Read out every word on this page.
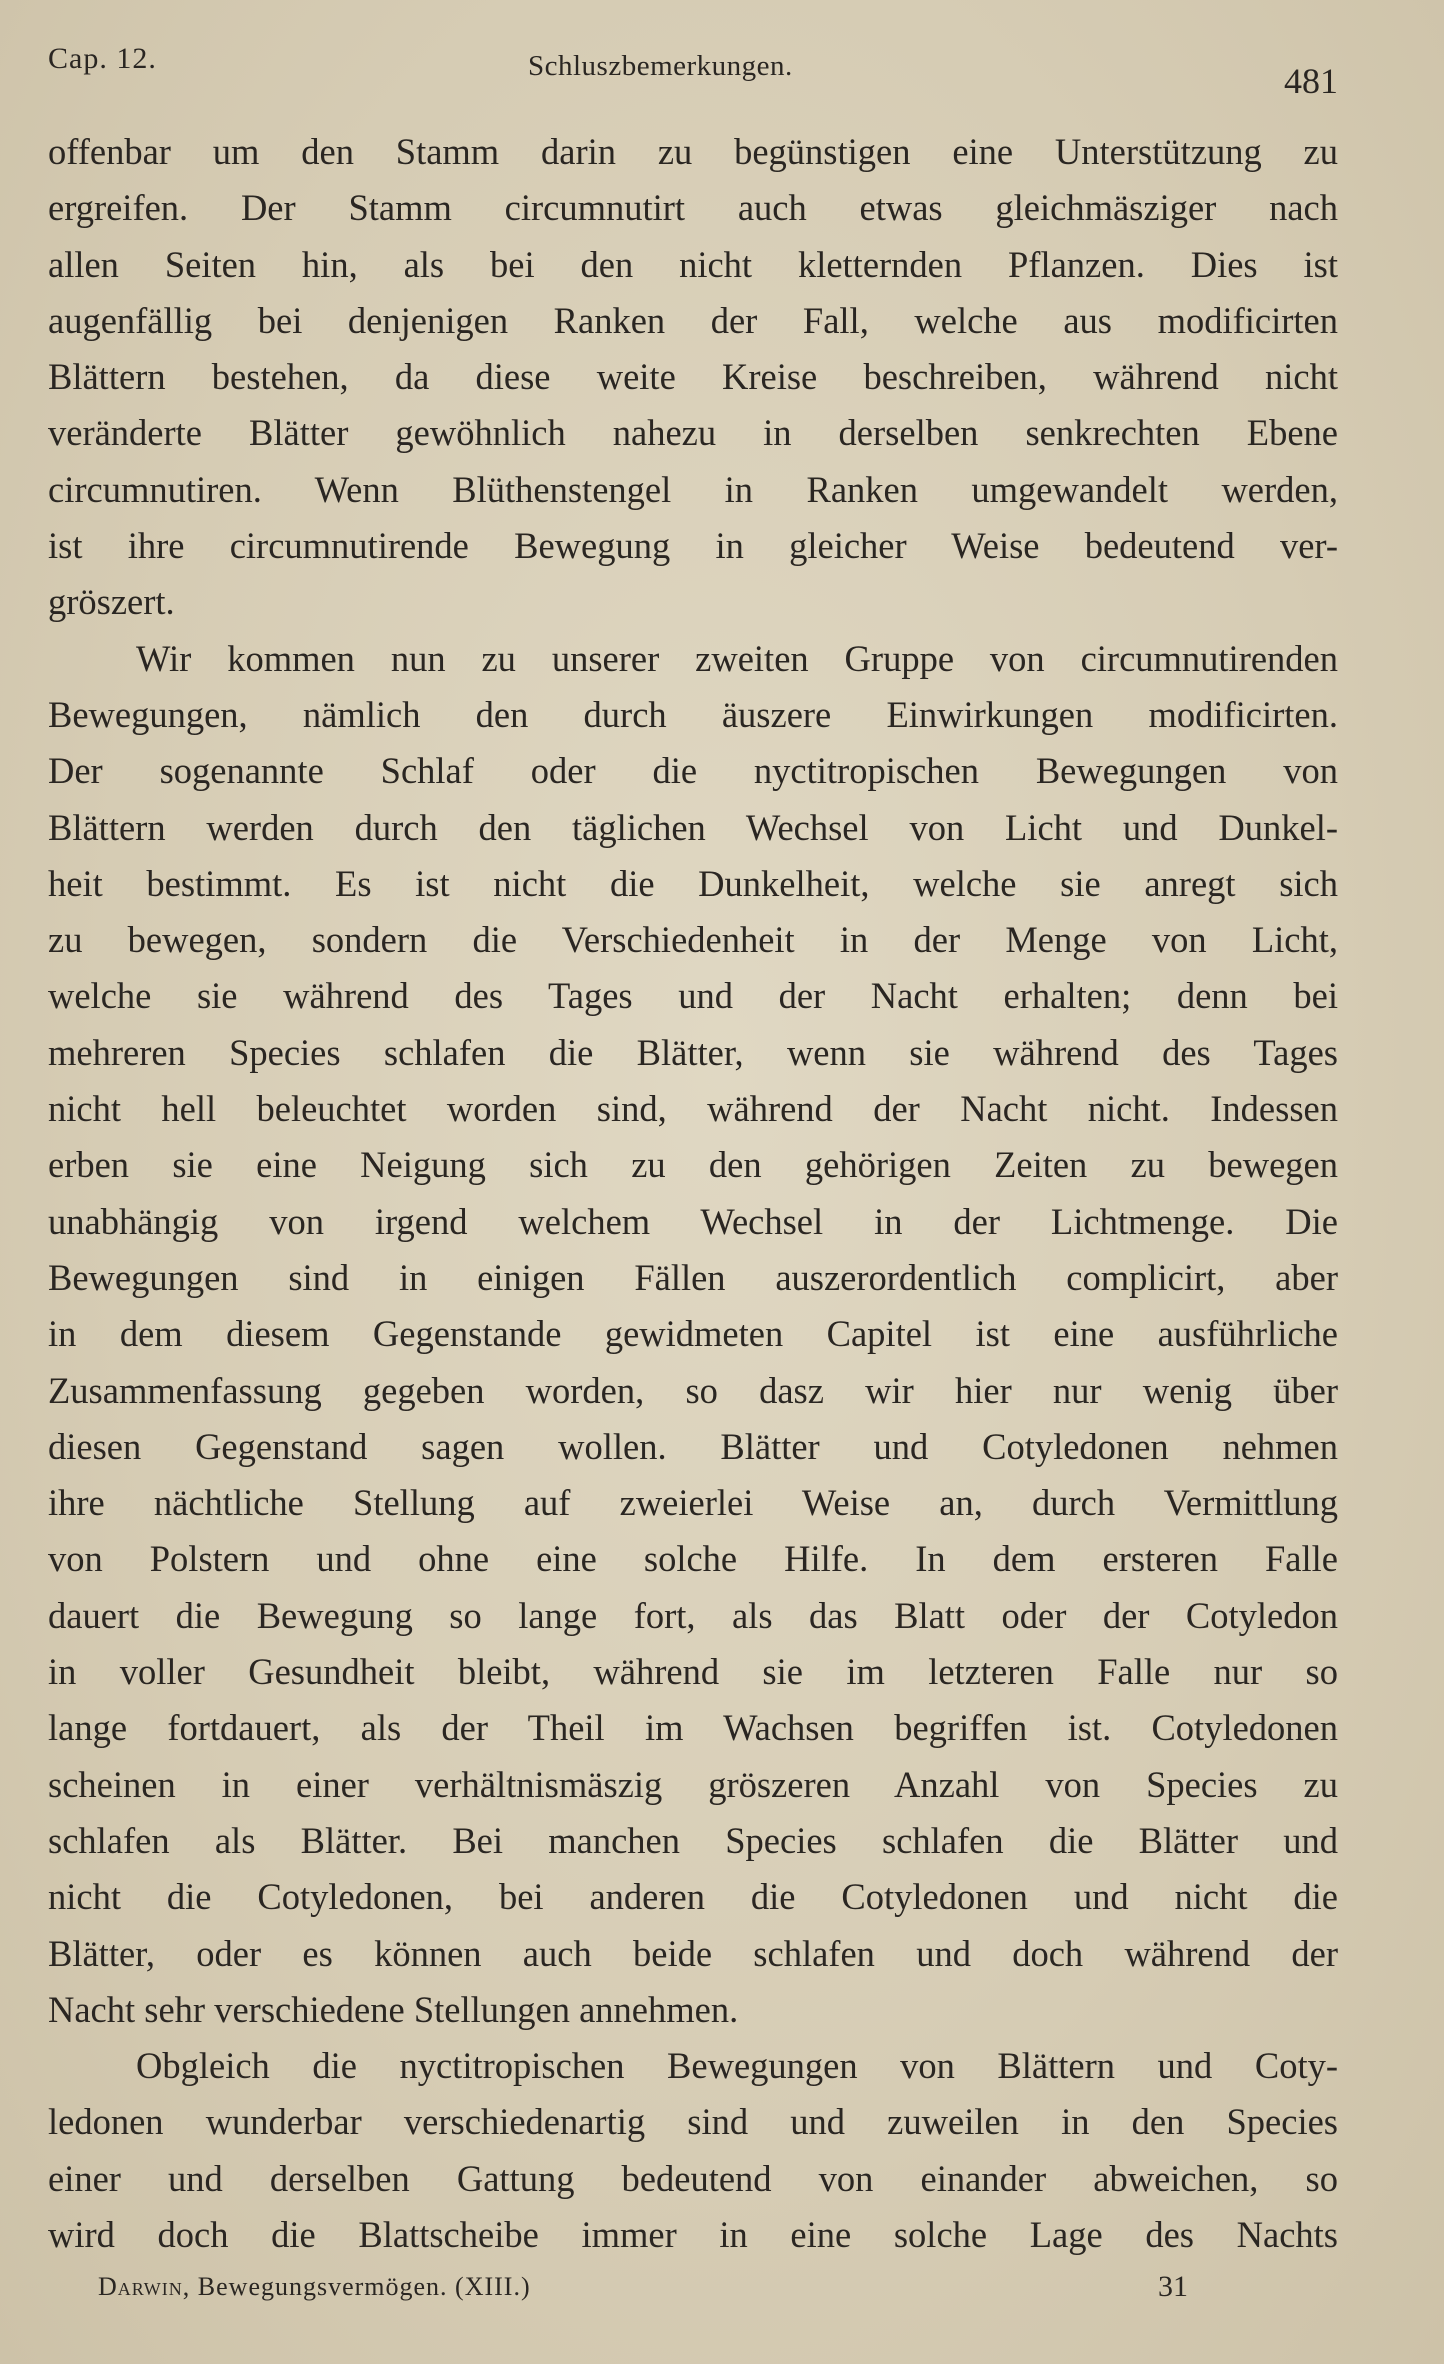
Cap. 12.	Schluszbemerkungen.	481
offenbar um den Stamm darin zu begünstigen eine Unterstützung zu
ergreifen. Der Stamm circumnutirt auch etwas gleichmäsziger nach
allen Seiten hin, als bei den nicht kletternden Pflanzen. Dies ist
augenfällig bei denjenigen Ranken der Fall, welche aus modificirten
Blättern bestehen, da diese weite Kreise beschreiben, während nicht
veränderte Blätter gewöhnlich nahezu in derselben senkrechten Ebene
circumnutiren. Wenn Blüthenstengel in Ranken umgewandelt werden,
ist ihre circumnutirende Bewegung in gleicher Weise bedeutend ver-
gröszert.
Wir kommen nun zu unserer zweiten Gruppe von circumnutirenden
Bewegungen, nämlich den durch äuszere Einwirkungen modificirten.
Der sogenannte Schlaf oder die nyctitropischen Bewegungen von
Blättern werden durch den täglichen Wechsel von Licht und Dunkel-
heit bestimmt. Es ist nicht die Dunkelheit, welche sie anregt sich
zu bewegen, sondern die Verschiedenheit in der Menge von Licht,
welche sie während des Tages und der Nacht erhalten; denn bei
mehreren Species schlafen die Blätter, wenn sie während des Tages
nicht hell beleuchtet worden sind, während der Nacht nicht. Indessen
erben sie eine Neigung sich zu den gehörigen Zeiten zu bewegen
unabhängig von irgend welchem Wechsel in der Lichtmenge. Die
Bewegungen sind in einigen Fällen auszerordentlich complicirt, aber
in dem diesem Gegenstande gewidmeten Capitel ist eine ausführliche
Zusammenfassung gegeben worden, so dasz wir hier nur wenig über
diesen Gegenstand sagen wollen. Blätter und Cotyledonen nehmen
ihre nächtliche Stellung auf zweierlei Weise an, durch Vermittlung
von Polstern und ohne eine solche Hilfe. In dem ersteren Falle
dauert die Bewegung so lange fort, als das Blatt oder der Cotyledon
in voller Gesundheit bleibt, während sie im letzteren Falle nur so
lange fortdauert, als der Theil im Wachsen begriffen ist. Cotyledonen
scheinen in einer verhältnismäszig gröszeren Anzahl von Species zu
schlafen als Blätter. Bei manchen Species schlafen die Blätter und
nicht die Cotyledonen, bei anderen die Cotyledonen und nicht die
Blätter, oder es können auch beide schlafen und doch während der
Nacht sehr verschiedene Stellungen annehmen.
Obgleich die nyctitropischen Bewegungen von Blättern und Coty-
ledonen wunderbar verschiedenartig sind und zuweilen in den Species
einer und derselben Gattung bedeutend von einander abweichen, so
wird doch die Blattscheibe immer in eine solche Lage des Nachts
Darwin, Bewegungsvermögen. (XIII.)	31
